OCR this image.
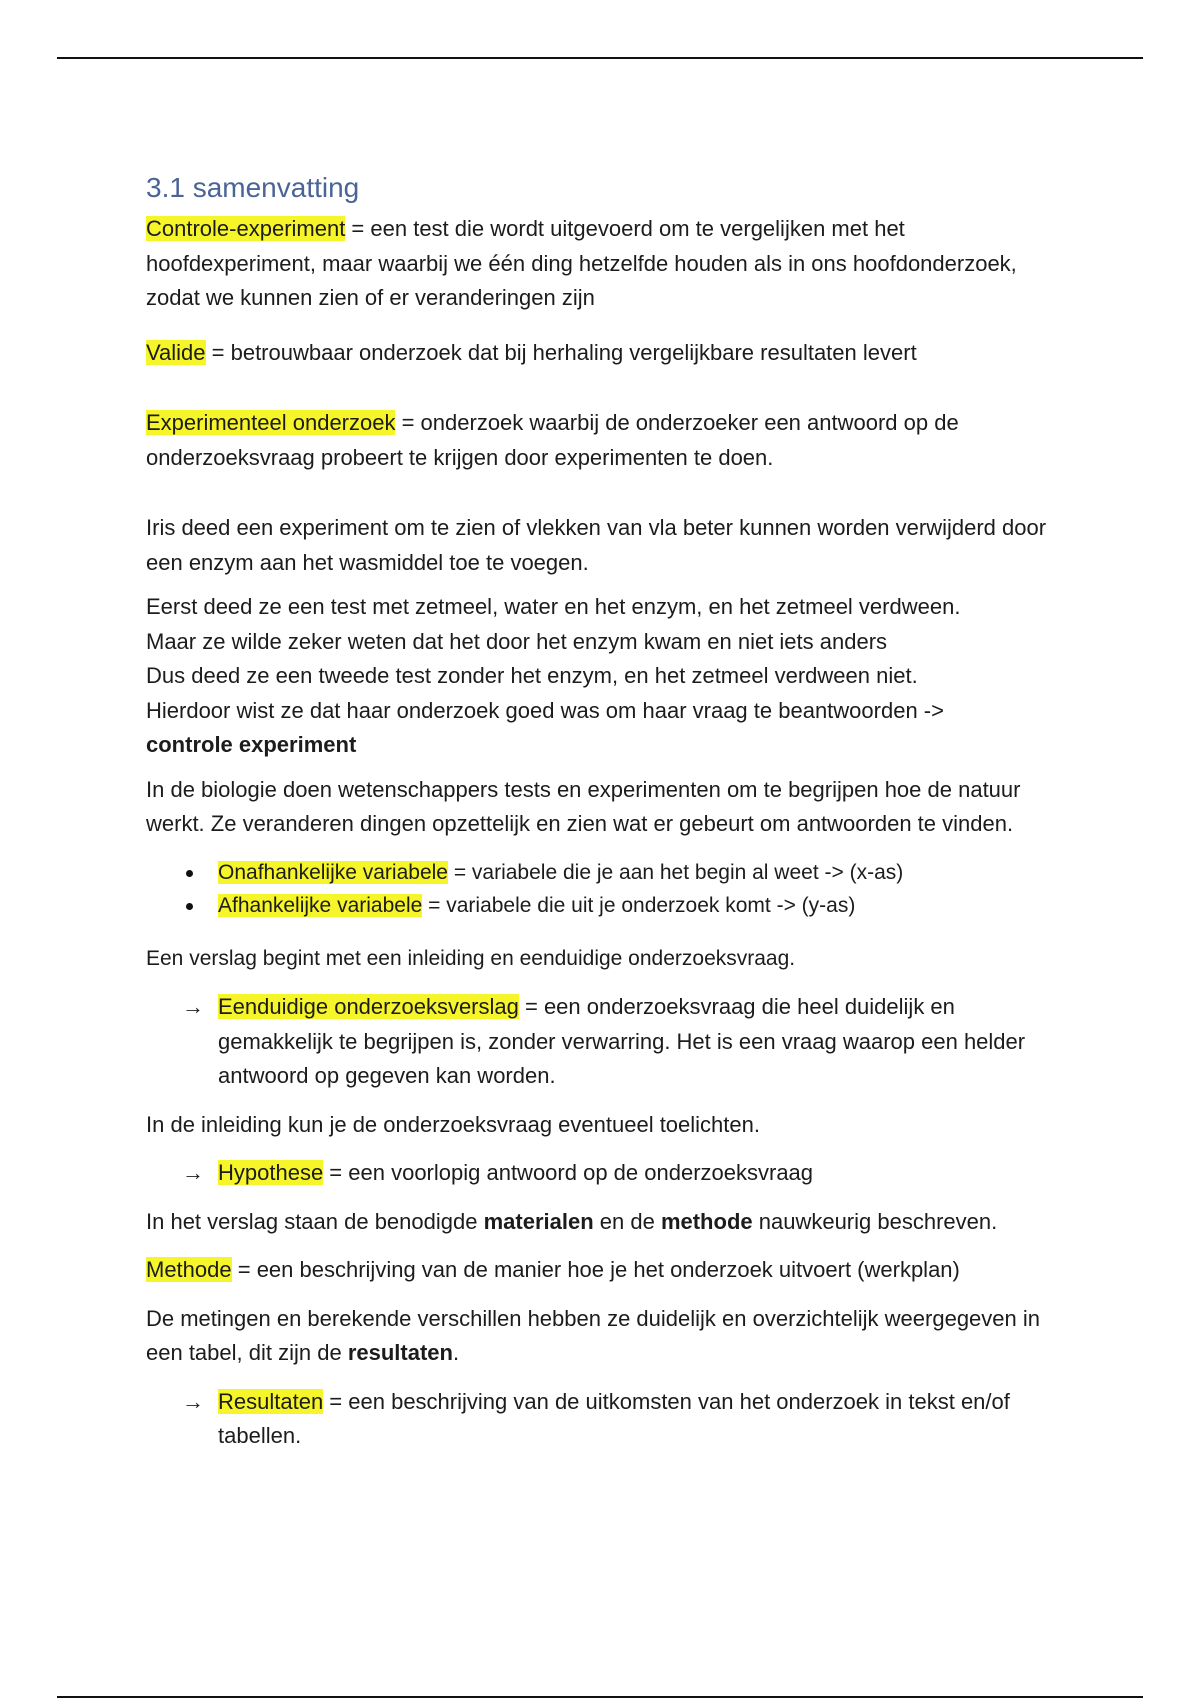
3.1 samenvatting

Controle-experiment = een test die wordt uitgevoerd om te vergelijken met het hoofdexperiment, maar waarbij we één ding hetzelfde houden als in ons hoofdonderzoek, zodat we kunnen zien of er veranderingen zijn

Valide = betrouwbaar onderzoek dat bij herhaling vergelijkbare resultaten levert

Experimenteel onderzoek = onderzoek waarbij de onderzoeker een antwoord op de onderzoeksvraag probeert te krijgen door experimenten te doen.

Iris deed een experiment om te zien of vlekken van vla beter kunnen worden verwijderd door een enzym aan het wasmiddel toe te voegen.

Eerst deed ze een test met zetmeel, water en het enzym, en het zetmeel verdween.
Maar ze wilde zeker weten dat het door het enzym kwam en niet iets anders
Dus deed ze een tweede test zonder het enzym, en het zetmeel verdween niet.
Hierdoor wist ze dat haar onderzoek goed was om haar vraag te beantwoorden ->
controle experiment

In de biologie doen wetenschappers tests en experimenten om te begrijpen hoe de natuur werkt. Ze veranderen dingen opzettelijk en zien wat er gebeurt om antwoorden te vinden.

Onafhankelijke variabele = variabele die je aan het begin al weet -> (x-as)
Afhankelijke variabele = variabele die uit je onderzoek komt -> (y-as)

Een verslag begint met een inleiding en eenduidige onderzoeksvraag.

→ Eenduidige onderzoeksverslag = een onderzoeksvraag die heel duidelijk en gemakkelijk te begrijpen is, zonder verwarring. Het is een vraag waarop een helder antwoord op gegeven kan worden.

In de inleiding kun je de onderzoeksvraag eventueel toelichten.

→ Hypothese = een voorlopig antwoord op de onderzoeksvraag

In het verslag staan de benodigde materialen en de methode nauwkeurig beschreven.

Methode = een beschrijving van de manier hoe je het onderzoek uitvoert (werkplan)

De metingen en berekende verschillen hebben ze duidelijk en overzichtelijk weergegeven in een tabel, dit zijn de resultaten.

→ Resultaten = een beschrijving van de uitkomsten van het onderzoek in tekst en/of tabellen.
